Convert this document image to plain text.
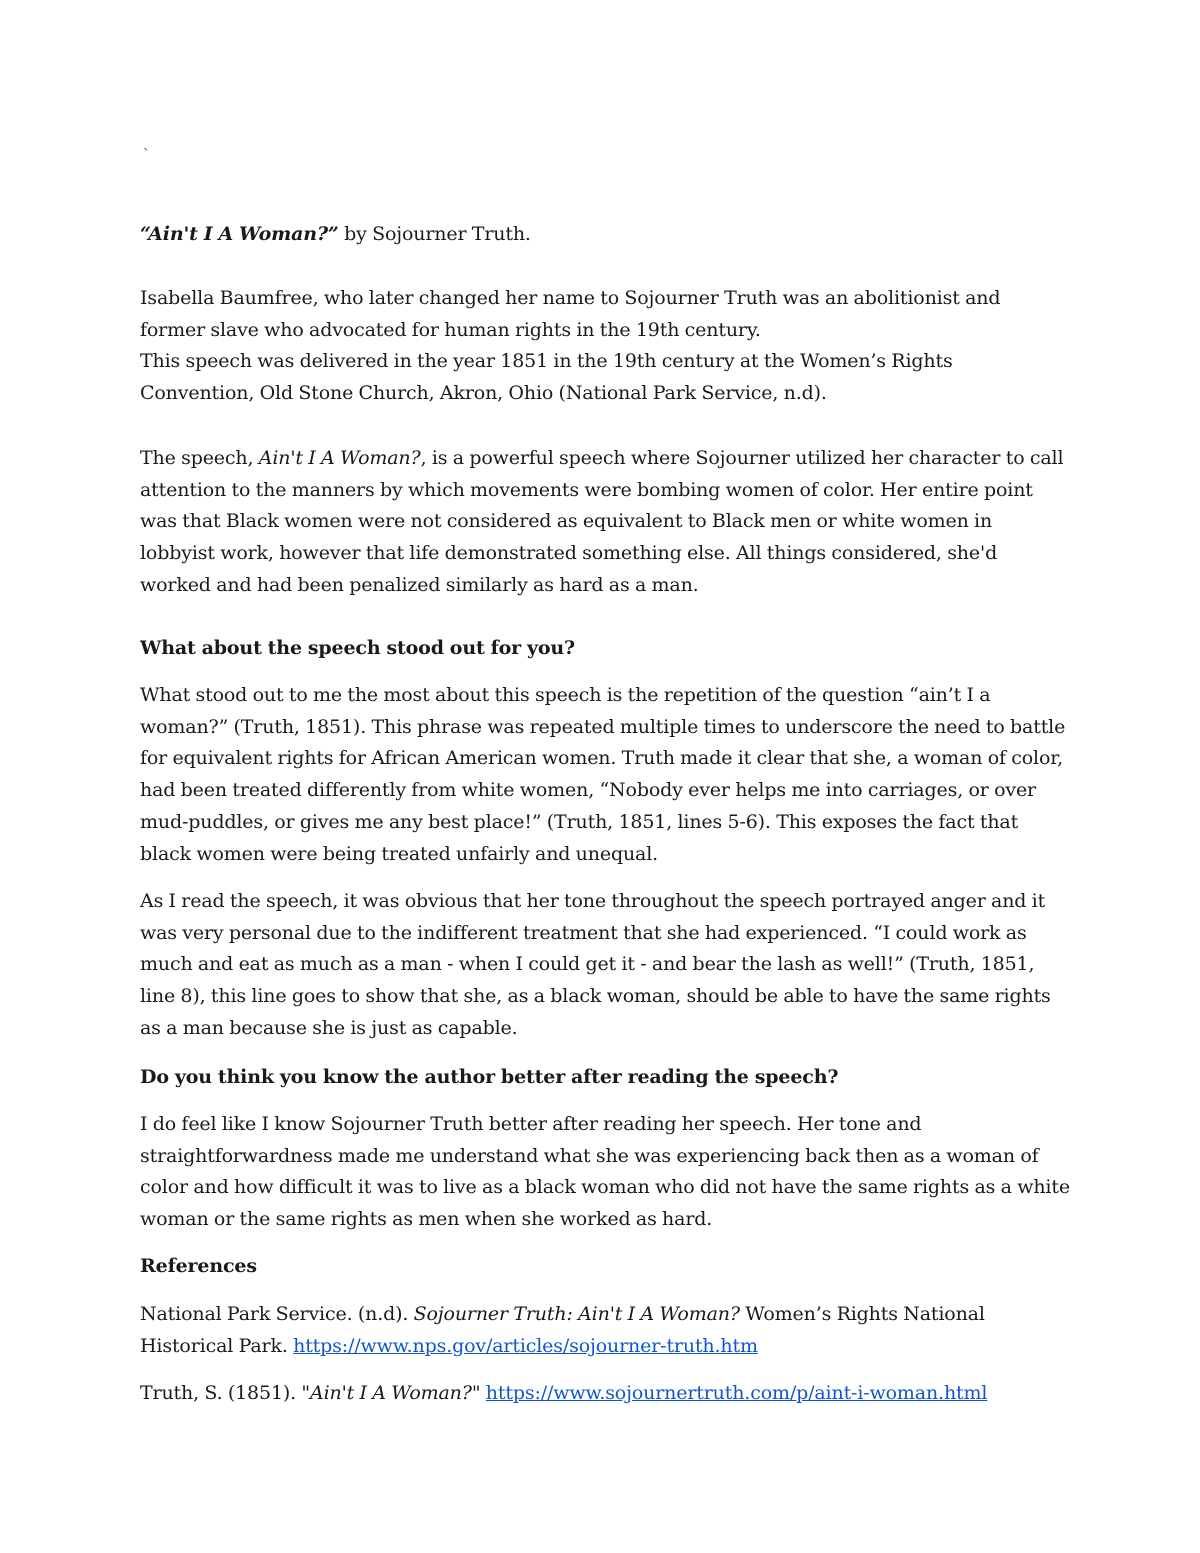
`

“Ain't I A Woman?” by Sojourner Truth.

Isabella Baumfree, who later changed her name to Sojourner Truth was an abolitionist and former slave who advocated for human rights in the 19th century.

This speech was delivered in the year 1851 in the 19th century at the Women’s Rights Convention, Old Stone Church, Akron, Ohio (National Park Service, n.d).

The speech, Ain't I A Woman?, is a powerful speech where Sojourner utilized her character to call attention to the manners by which movements were bombing women of color. Her entire point was that Black women were not considered as equivalent to Black men or white women in lobbyist work, however that life demonstrated something else. All things considered, she'd worked and had been penalized similarly as hard as a man.

What about the speech stood out for you?

What stood out to me the most about this speech is the repetition of the question “ain’t I a woman?” (Truth, 1851). This phrase was repeated multiple times to underscore the need to battle for equivalent rights for African American women. Truth made it clear that she, a woman of color, had been treated differently from white women, “Nobody ever helps me into carriages, or over mud-puddles, or gives me any best place!” (Truth, 1851, lines 5-6). This exposes the fact that black women were being treated unfairly and unequal.

As I read the speech, it was obvious that her tone throughout the speech portrayed anger and it was very personal due to the indifferent treatment that she had experienced. “I could work as much and eat as much as a man - when I could get it - and bear the lash as well!” (Truth, 1851, line 8), this line goes to show that she, as a black woman, should be able to have the same rights as a man because she is just as capable.

Do you think you know the author better after reading the speech?

I do feel like I know Sojourner Truth better after reading her speech. Her tone and straightforwardness made me understand what she was experiencing back then as a woman of color and how difficult it was to live as a black woman who did not have the same rights as a white woman or the same rights as men when she worked as hard.

References

National Park Service. (n.d). Sojourner Truth: Ain't I A Woman? Women’s Rights National Historical Park. https://www.nps.gov/articles/sojourner-truth.htm

Truth, S. (1851). "Ain't I A Woman?" https://www.sojournertruth.com/p/aint-i-woman.html
